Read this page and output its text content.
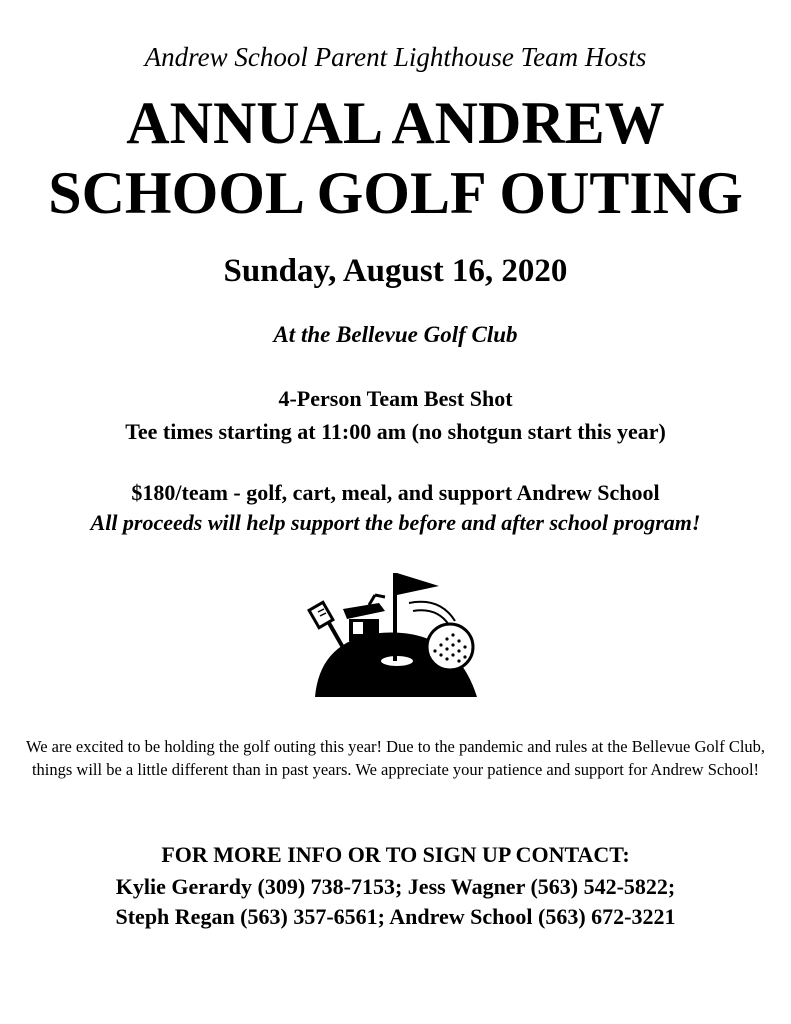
Andrew School Parent Lighthouse Team Hosts

ANNUAL ANDREW
SCHOOL GOLF OUTING

Sunday, August 16, 2020

At the Bellevue Golf Club

4-Person Team Best Shot

Tee times starting at 11:00 am (no shotgun start this year)

$180/team - golf, cart, meal, and support Andrew School

All proceeds will help support the before and after school program!

We are excited to be holding the golf outing this year! Due to the pandemic and rules at the Bellevue Golf Club, things will be a little different than in past years. We appreciate your patience and support for Andrew School!

FOR MORE INFO OR TO SIGN UP CONTACT:

Kylie Gerardy (309) 738-7153; Jess Wagner (563) 542-5822;

Steph Regan (563) 357-6561; Andrew School (563) 672-3221
